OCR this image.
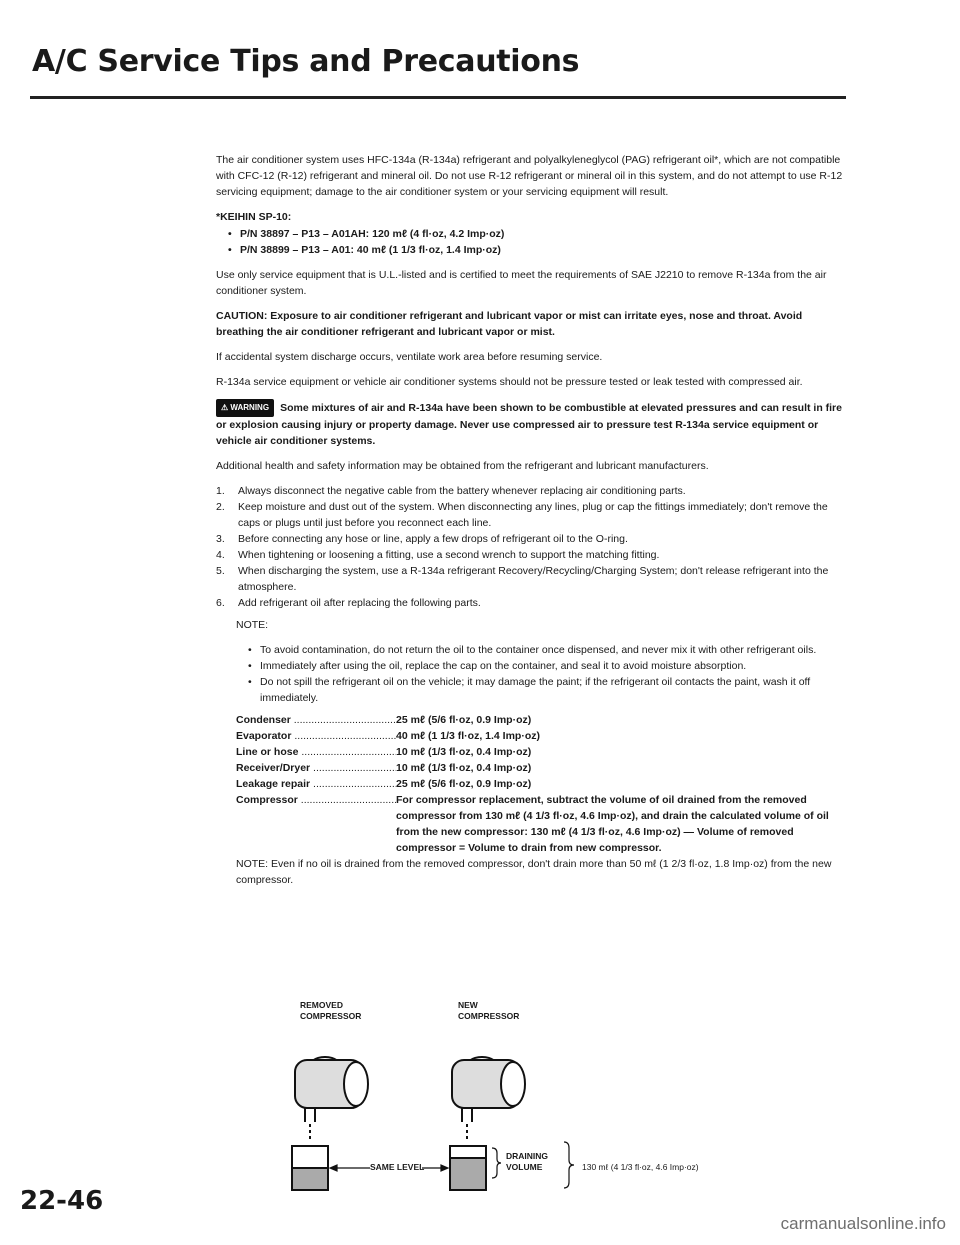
A/C Service Tips and Precautions

The air conditioner system uses HFC-134a (R-134a) refrigerant and polyalkyleneglycol (PAG) refrigerant oil*, which are not compatible with CFC-12 (R-12) refrigerant and mineral oil. Do not use R-12 refrigerant or mineral oil in this system, and do not attempt to use R-12 servicing equipment; damage to the air conditioner system or your servicing equipment will result.

*KEIHIN SP-10:

• P/N 38897 – P13 – A01AH: 120 mℓ (4 fl·oz, 4.2 Imp·oz)
• P/N 38899 – P13 – A01: 40 mℓ (1 1/3 fl·oz, 1.4 Imp·oz)

Use only service equipment that is U.L.-listed and is certified to meet the requirements of SAE J2210 to remove R-134a from the air conditioner system.

CAUTION: Exposure to air conditioner refrigerant and lubricant vapor or mist can irritate eyes, nose and throat. Avoid breathing the air conditioner refrigerant and lubricant vapor or mist.

If accidental system discharge occurs, ventilate work area before resuming service.

R-134a service equipment or vehicle air conditioner systems should not be pressure tested or leak tested with compressed air.

⚠ WARNING Some mixtures of air and R-134a have been shown to be combustible at elevated pressures and can result in fire or explosion causing injury or property damage. Never use compressed air to pressure test R-134a service equipment or vehicle air conditioner systems.

Additional health and safety information may be obtained from the refrigerant and lubricant manufacturers.

1. Always disconnect the negative cable from the battery whenever replacing air conditioning parts.
2. Keep moisture and dust out of the system. When disconnecting any lines, plug or cap the fittings immediately; don't remove the caps or plugs until just before you reconnect each line.
3. Before connecting any hose or line, apply a few drops of refrigerant oil to the O-ring.
4. When tightening or loosening a fitting, use a second wrench to support the matching fitting.
5. When discharging the system, use a R-134a refrigerant Recovery/Recycling/Charging System; don't release refrigerant into the atmosphere.
6. Add refrigerant oil after replacing the following parts.

NOTE:

• To avoid contamination, do not return the oil to the container once dispensed, and never mix it with other refrigerant oils.
• Immediately after using the oil, replace the cap on the container, and seal it to avoid moisture absorption.
• Do not spill the refrigerant oil on the vehicle; it may damage the paint; if the refrigerant oil contacts the paint, wash it off immediately.
Condenser .....	25 mℓ (5/6 fl·oz, 0.9 Imp·oz)
Evaporator .....	40 mℓ (1 1/3 fl·oz, 1.4 Imp·oz)
Line or hose .....	10 mℓ (1/3 fl·oz, 0.4 Imp·oz)
Receiver/Dryer .....	10 mℓ (1/3 fl·oz, 0.4 Imp·oz)
Leakage repair .....	25 mℓ (5/6 fl·oz, 0.9 Imp·oz)
Compressor .....	For compressor replacement, subtract the volume of oil drained from the removed compressor from 130 mℓ (4 1/3 fl·oz, 4.6 Imp·oz), and drain the calculated volume of oil from the new compressor: 130 mℓ (4 1/3 fl·oz, 4.6 Imp·oz) — Volume of removed compressor = Volume to drain from new compressor.

NOTE: Even if no oil is drained from the removed compressor, don't drain more than 50 mℓ (1 2/3 fl·oz, 1.8 Imp·oz) from the new compressor.

REMOVED
COMPRESSOR
NEW
COMPRESSOR
SAME LEVEL
DRAINING
VOLUME	130 mℓ (4 1/3 fl·oz, 4.6 Imp·oz)
22-46
carmanualsonline.info
